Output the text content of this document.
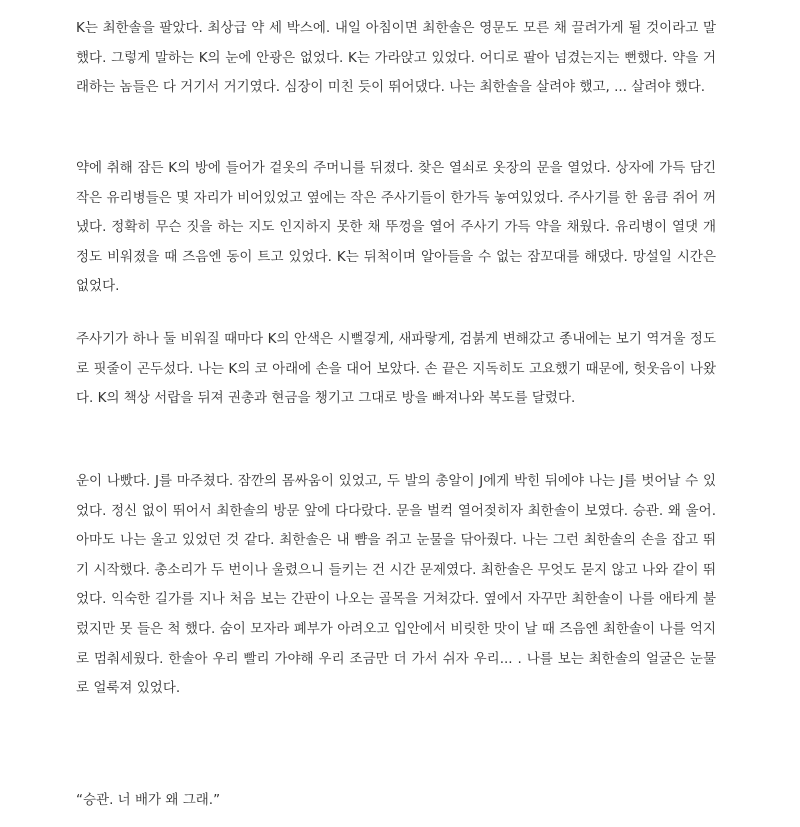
K는 최한솔을 팔았다. 최상급 약 세 박스에. 내일 아침이면 최한솔은 영문도 모른 채 끌려가게 될 것이라고 말했다. 그렇게 말하는 K의 눈에 안광은 없었다. K는 가라앉고 있었다. 어디로 팔아 넘겼는지는 뻔했다. 약을 거래하는 놈들은 다 거기서 거기였다. 심장이 미친 듯이 뛰어댔다. 나는 최한솔을 살려야 했고, ... 살려야 했다.

약에 취해 잠든 K의 방에 들어가 겉옷의 주머니를 뒤졌다. 찾은 열쇠로 옷장의 문을 열었다. 상자에 가득 담긴 작은 유리병들은 몇 자리가 비어있었고 옆에는 작은 주사기들이 한가득 놓여있었다. 주사기를 한 움큼 쥐어 꺼냈다. 정확히 무슨 짓을 하는 지도 인지하지 못한 채 뚜껑을 열어 주사기 가득 약을 채웠다. 유리병이 열댓 개 정도 비워졌을 때 즈음엔 동이 트고 있었다. K는 뒤척이며 알아들을 수 없는 잠꼬대를 해댔다. 망설일 시간은 없었다.

주사기가 하나 둘 비워질 때마다 K의 안색은 시뻘겋게, 새파랗게, 검붉게 변해갔고 종내에는 보기 역겨울 정도로 핏줄이 곤두섰다. 나는 K의 코 아래에 손을 대어 보았다. 손 끝은 지독히도 고요했기 때문에, 헛웃음이 나왔다. K의 책상 서랍을 뒤져 권총과 현금을 챙기고 그대로 방을 빠져나와 복도를 달렸다.

운이 나빴다. J를 마주쳤다. 잠깐의 몸싸움이 있었고, 두 발의 총알이 J에게 박힌 뒤에야 나는 J를 벗어날 수 있었다. 정신 없이 뛰어서 최한솔의 방문 앞에 다다랐다. 문을 벌컥 열어젖히자 최한솔이 보였다. 승관. 왜 울어. 아마도 나는 울고 있었던 것 같다. 최한솔은 내 뺨을 쥐고 눈물을 닦아줬다. 나는 그런 최한솔의 손을 잡고 뛰기 시작했다. 총소리가 두 번이나 울렸으니 들키는 건 시간 문제였다. 최한솔은 무엇도 묻지 않고 나와 같이 뛰었다. 익숙한 길가를 지나 처음 보는 간판이 나오는 골목을 거쳐갔다. 옆에서 자꾸만 최한솔이 나를 애타게 불렀지만 못 들은 척 했다. 숨이 모자라 폐부가 아려오고 입안에서 비릿한 맛이 날 때 즈음엔 최한솔이 나를 억지로 멈춰세웠다. 한솔아 우리 빨리 가야해 우리 조금만 더 가서 쉬자 우리... . 나를 보는 최한솔의 얼굴은 눈물로 얼룩져 있었다.

“승관. 너 배가 왜 그래.”
